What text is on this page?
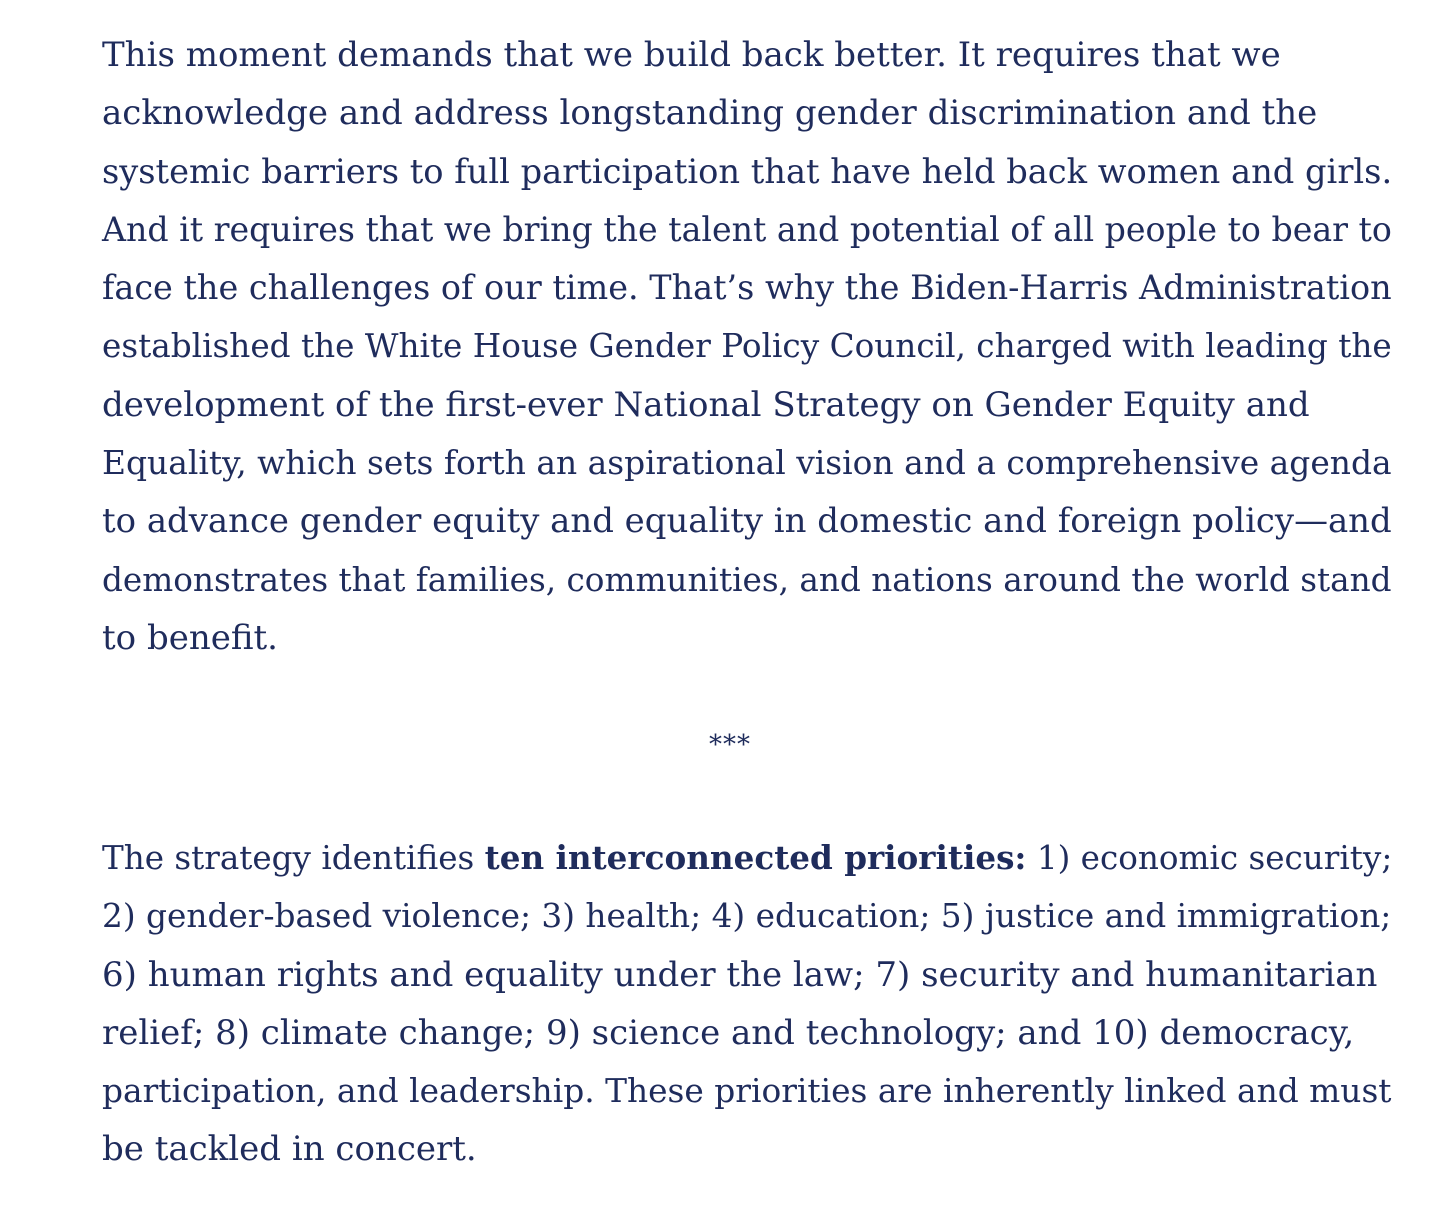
This moment demands that we build back better. It requires that we
acknowledge and address longstanding gender discrimination and the
systemic barriers to full participation that have held back women and girls.
And it requires that we bring the talent and potential of all people to bear to
face the challenges of our time. That’s why the Biden-Harris Administration
established the White House Gender Policy Council, charged with leading the
development of the first-ever National Strategy on Gender Equity and
Equality, which sets forth an aspirational vision and a comprehensive agenda
to advance gender equity and equality in domestic and foreign policy—and
demonstrates that families, communities, and nations around the world stand
to benefit.

***

The strategy identifies ten interconnected priorities: 1) economic security;
2) gender-based violence; 3) health; 4) education; 5) justice and immigration;
6) human rights and equality under the law; 7) security and humanitarian
relief; 8) climate change; 9) science and technology; and 10) democracy,
participation, and leadership. These priorities are inherently linked and must
be tackled in concert.
